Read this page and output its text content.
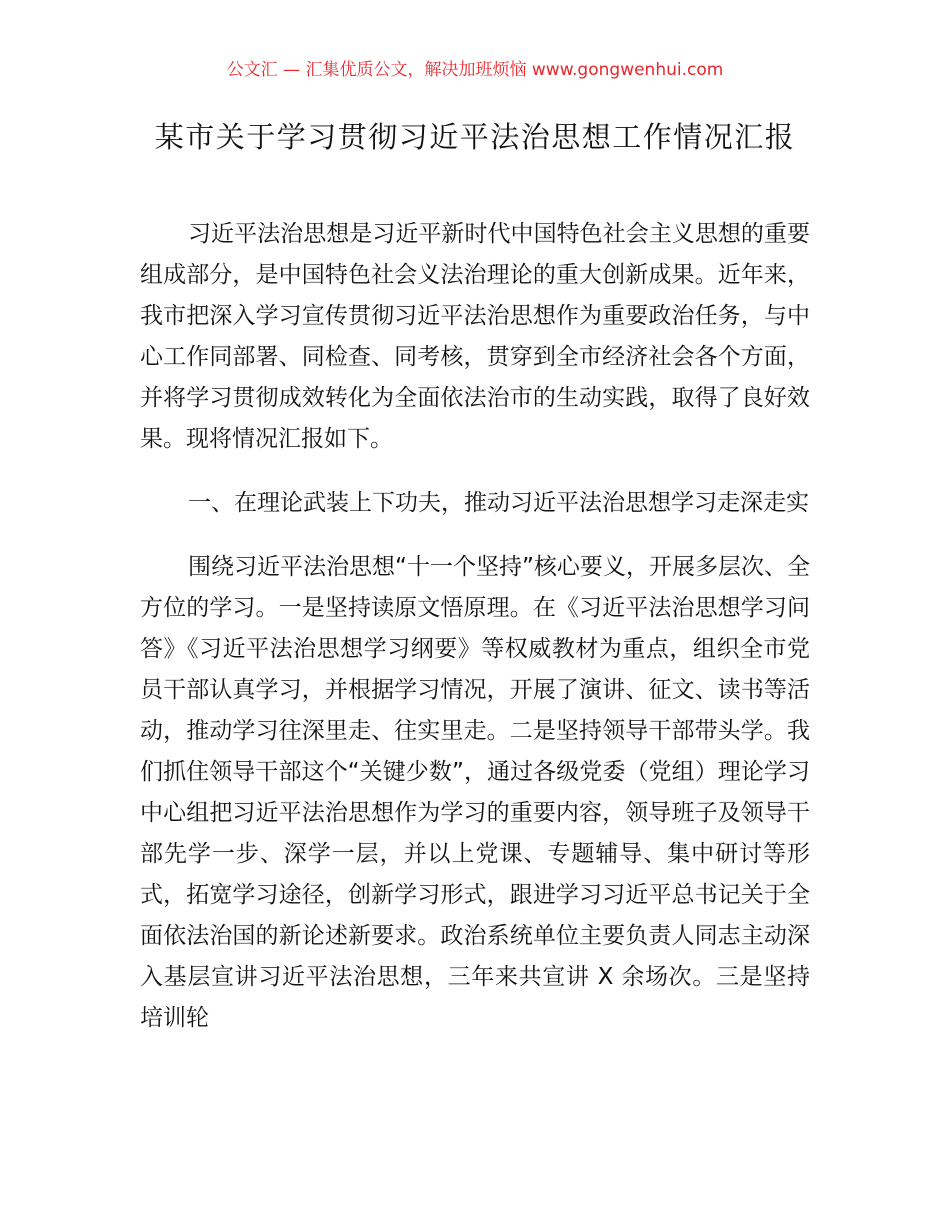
公文汇 — 汇集优质公文，解决加班烦恼 www.gongwenhui.com
某市关于学习贯彻习近平法治思想工作情况汇报

习近平法治思想是习近平新时代中国特色社会主义思想的重要组成部分，是中国特色社会义法治理论的重大创新成果。近年来，我市把深入学习宣传贯彻习近平法治思想作为重要政治任务，与中心工作同部署、同检查、同考核，贯穿到全市经济社会各个方面，并将学习贯彻成效转化为全面依法治市的生动实践，取得了良好效果。现将情况汇报如下。

一、在理论武装上下功夫，推动习近平法治思想学习走深走实

围绕习近平法治思想“十一个坚持”核心要义，开展多层次、全方位的学习。一是坚持读原文悟原理。在《习近平法治思想学习问答》《习近平法治思想学习纲要》等权威教材为重点，组织全市党员干部认真学习，并根据学习情况，开展了演讲、征文、读书等活动，推动学习往深里走、往实里走。二是坚持领导干部带头学。我们抓住领导干部这个“关键少数”，通过各级党委（党组）理论学习中心组把习近平法治思想作为学习的重要内容，领导班子及领导干部先学一步、深学一层，并以上党课、专题辅导、集中研讨等形式，拓宽学习途径，创新学习形式，跟进学习习近平总书记关于全面依法治国的新论述新要求。政治系统单位主要负责人同志主动深入基层宣讲习近平法治思想，三年来共宣讲 X 余场次。三是坚持培训轮
